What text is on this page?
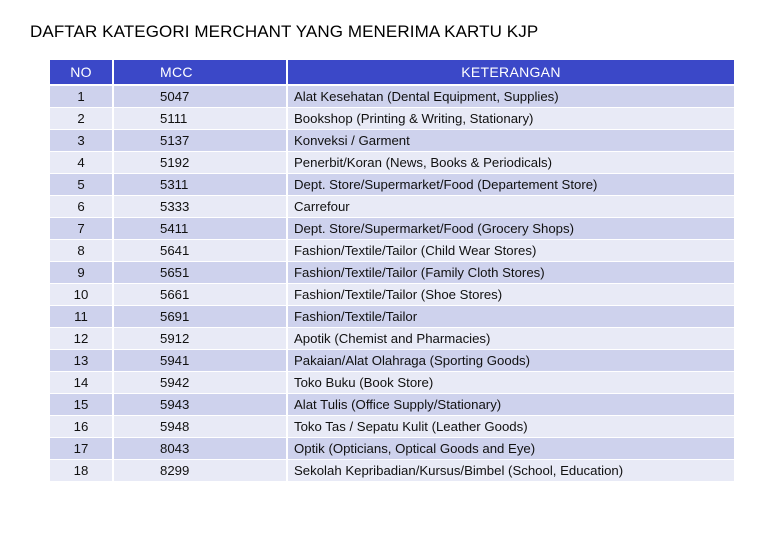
DAFTAR KATEGORI MERCHANT YANG MENERIMA KARTU KJP
NO	MCC	KETERANGAN
1	5047	Alat Kesehatan (Dental Equipment, Supplies)
2	5111	Bookshop (Printing & Writing, Stationary)
3	5137	Konveksi / Garment
4	5192	Penerbit/Koran (News, Books & Periodicals)
5	5311	Dept. Store/Supermarket/Food (Departement Store)
6	5333	Carrefour
7	5411	Dept. Store/Supermarket/Food (Grocery Shops)
8	5641	Fashion/Textile/Tailor (Child Wear Stores)
9	5651	Fashion/Textile/Tailor (Family Cloth Stores)
10	5661	Fashion/Textile/Tailor (Shoe Stores)
11	5691	Fashion/Textile/Tailor
12	5912	Apotik (Chemist and Pharmacies)
13	5941	Pakaian/Alat Olahraga (Sporting Goods)
14	5942	Toko Buku (Book Store)
15	5943	Alat Tulis (Office Supply/Stationary)
16	5948	Toko Tas / Sepatu Kulit (Leather Goods)
17	8043	Optik (Opticians, Optical Goods and Eye)
18	8299	Sekolah Kepribadian/Kursus/Bimbel (School, Education)
